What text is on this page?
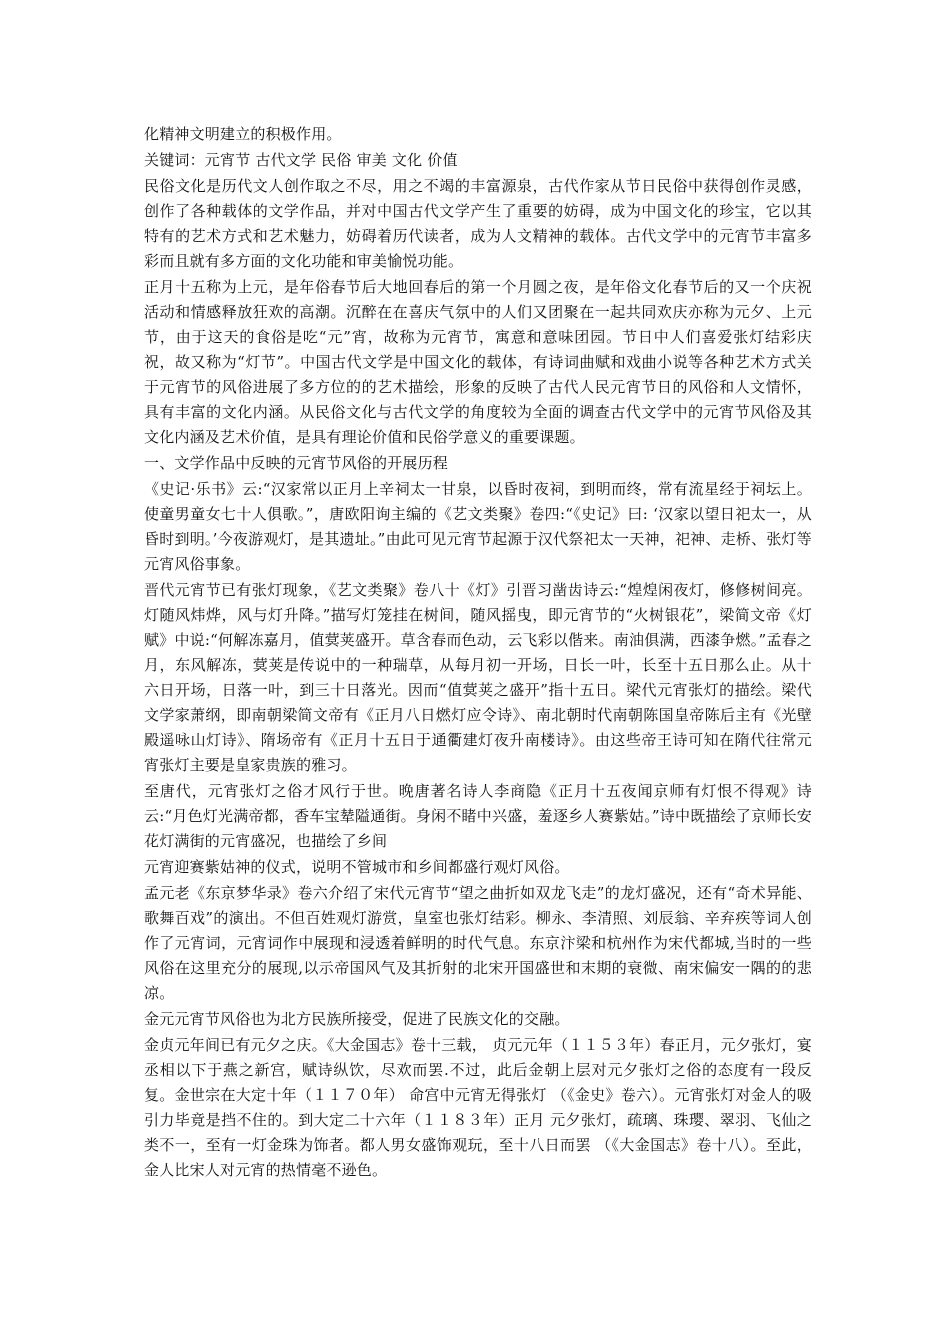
化精神文明建立的积极作用。

关键词：元宵节 古代文学 民俗 审美 文化 价值

民俗文化是历代文人创作取之不尽，用之不竭的丰富源泉，古代作家从节日民俗中获得创作灵感，创作了各种载体的文学作品，并对中国古代文学产生了重要的妨碍，成为中国文化的珍宝，它以其特有的艺术方式和艺术魅力，妨碍着历代读者，成为人文精神的载体。古代文学中的元宵节丰富多彩而且就有多方面的文化功能和审美愉悦功能。

正月十五称为上元，是年俗春节后大地回春后的第一个月圆之夜，是年俗文化春节后的又一个庆祝活动和情感释放狂欢的高潮。沉醉在在喜庆气氛中的人们又团聚在一起共同欢庆亦称为元夕、上元节，由于这天的食俗是吃“元”宵，故称为元宵节，寓意和意味团园。节日中人们喜爱张灯结彩庆祝，故又称为“灯节”。中国古代文学是中国文化的载体，有诗词曲赋和戏曲小说等各种艺术方式关于元宵节的风俗进展了多方位的的艺术描绘，形象的反映了古代人民元宵节日的风俗和人文情怀，具有丰富的文化内涵。从民俗文化与古代文学的角度较为全面的调查古代文学中的元宵节风俗及其文化内涵及艺术价值，是具有理论价值和民俗学意义的重要课题。

一、文学作品中反映的元宵节风俗的开展历程

《史记·乐书》云:“汉家常以正月上辛祠太一甘泉，以昏时夜祠，到明而终，常有流星经于祠坛上。使童男童女七十人俱歌。”，唐欧阳询主编的《艺文类聚》卷四:“《史记》曰: ‘汉家以望日祀太一，从昏时到明。’今夜游观灯，是其遗址。”由此可见元宵节起源于汉代祭祀太一天神，祀神、走桥、张灯等元宵风俗事象。

晋代元宵节已有张灯现象，《艺文类聚》卷八十《灯》引晋习凿齿诗云:“煌煌闲夜灯，修修树间亮。灯随风炜烨，风与灯升降。”描写灯笼挂在树间，随风摇曳，即元宵节的“火树银花”，梁简文帝《灯赋》中说:“何解冻嘉月，值蓂荚盛开。草含春而色动，云飞彩以偕来。南油俱满，西漆争燃。”孟春之月，东风解冻，蓂荚是传说中的一种瑞草，从每月初一开场，日长一叶，长至十五日那么止。从十六日开场，日落一叶，到三十日落光。因而“值蓂荚之盛开”指十五日。梁代元宵张灯的描绘。梁代文学家萧纲，即南朝梁简文帝有《正月八日燃灯应令诗》、南北朝时代南朝陈国皇帝陈后主有《光壁殿遥咏山灯诗》、隋场帝有《正月十五日于通衢建灯夜升南楼诗》。由这些帝王诗可知在隋代往常元宵张灯主要是皇家贵族的雅习。

至唐代，元宵张灯之俗才风行于世。晚唐著名诗人李商隐《正月十五夜闻京师有灯恨不得观》诗云:“月色灯光满帝都，香车宝辇隘通街。身闲不睹中兴盛，羞逐乡人赛紫姑。”诗中既描绘了京师长安花灯满街的元宵盛况，也描绘了乡间

元宵迎赛紫姑神的仪式，说明不管城市和乡间都盛行观灯风俗。

孟元老《东京梦华录》卷六介绍了宋代元宵节“望之曲折如双龙飞走”的龙灯盛况，还有“奇术异能、歌舞百戏”的演出。不但百姓观灯游赏，皇室也张灯结彩。柳永、李清照、刘辰翁、辛弃疾等词人创作了元宵词，元宵词作中展现和浸透着鲜明的时代气息。东京汴梁和杭州作为宋代都城,当时的一些风俗在这里充分的展现,以示帝国风气及其折射的北宋开国盛世和末期的衰微、南宋偏安一隅的的悲凉。

金元元宵节风俗也为北方民族所接受，促进了民族文化的交融。

金贞元年间已有元夕之庆。《大金国志》卷十三载， 贞元元年（１１５３年）春正月，元夕张灯，宴丞相以下于燕之新宫，赋诗纵饮，尽欢而罢.不过，此后金朝上层对元夕张灯之俗的态度有一段反复。金世宗在大定十年（１１７０年） 命宫中元宵无得张灯 （《金史》卷六）。元宵张灯对金人的吸引力毕竟是挡不住的。到大定二十六年（１１８３年）正月 元夕张灯，疏璃、珠璎、翠羽、飞仙之类不一，至有一灯金珠为饰者。都人男女盛饰观玩，至十八日而罢 （《大金国志》卷十八）。至此，金人比宋人对元宵的热情毫不逊色。
